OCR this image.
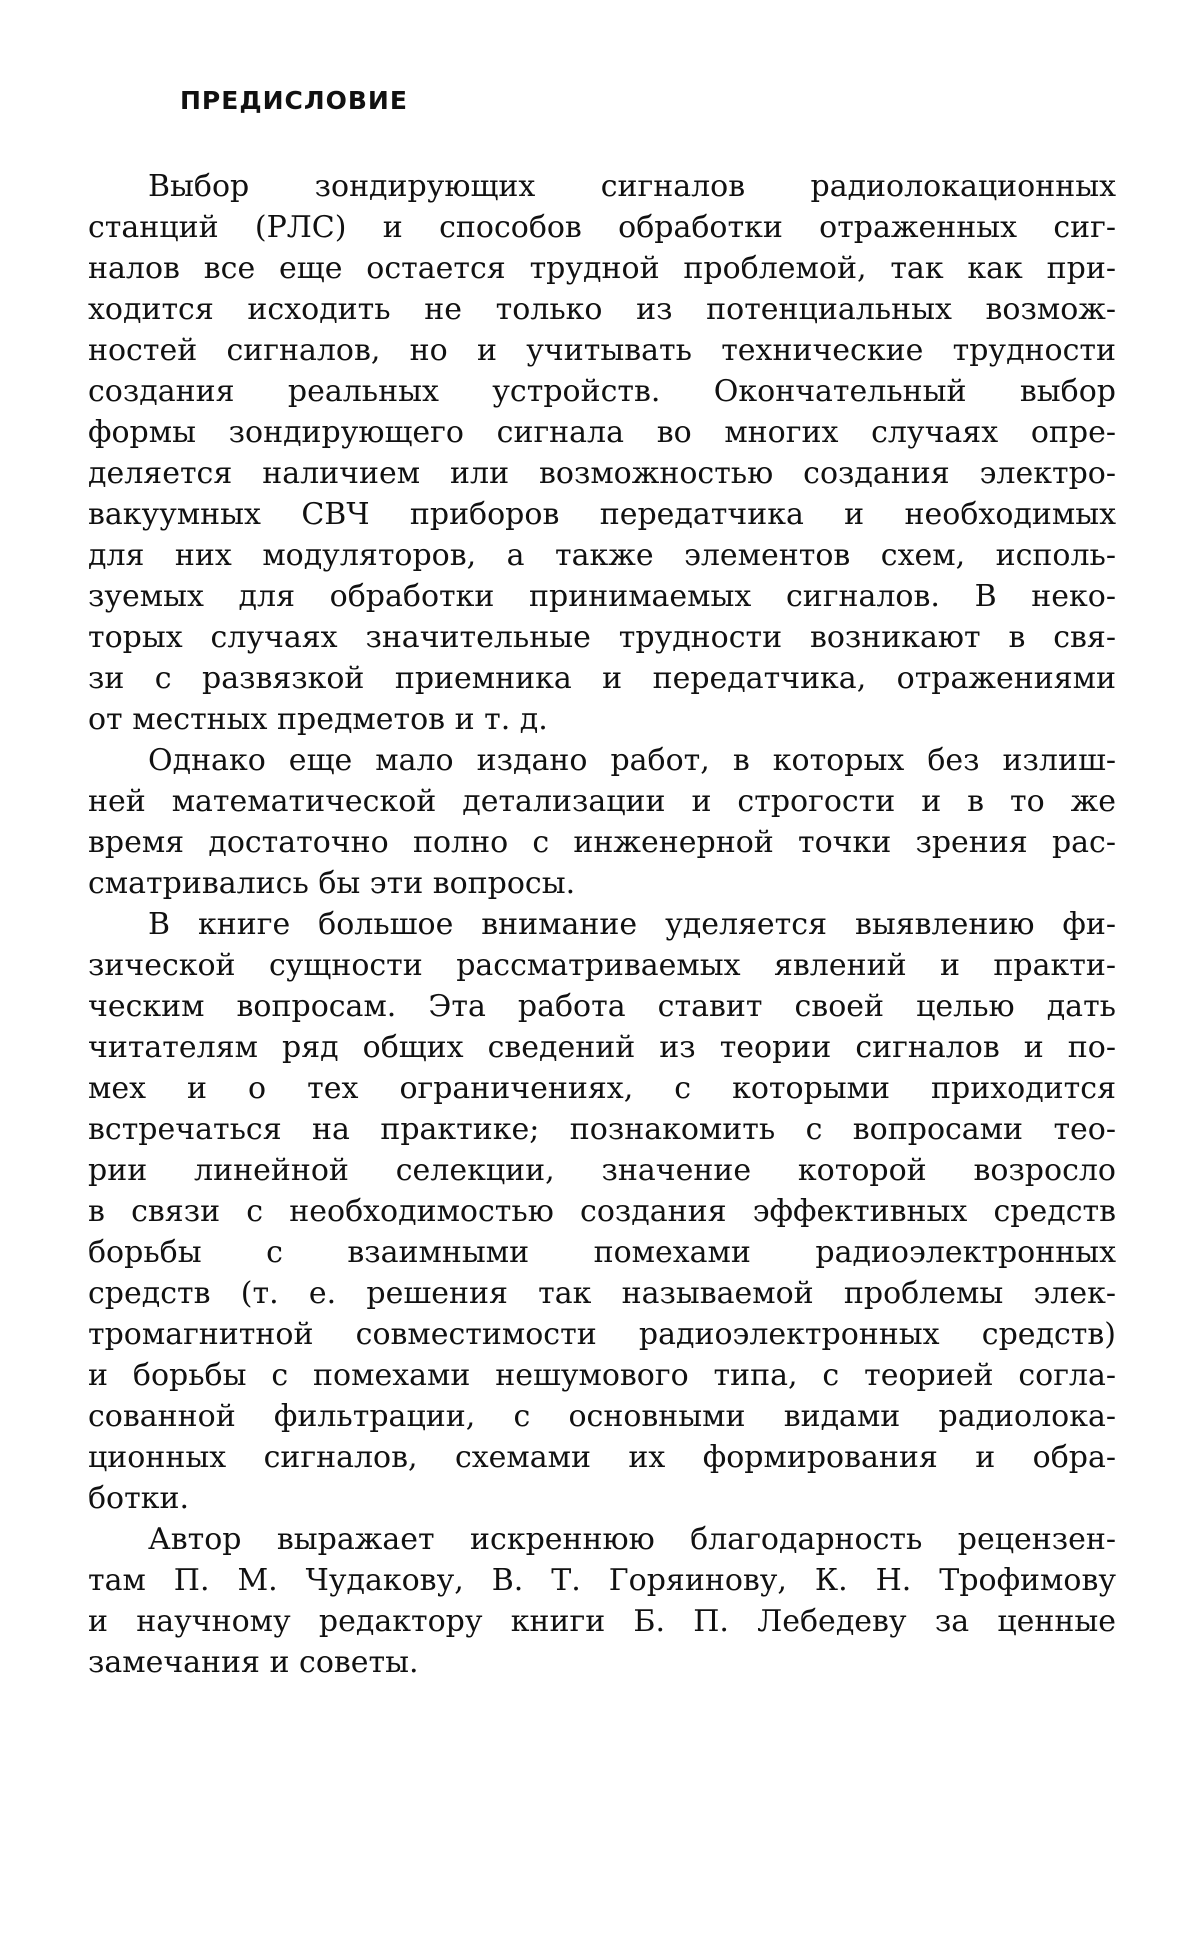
ПРЕДИСЛОВИЕ
Выбор зондирующих сигналов радиолокационных
станций (РЛС) и способов обработки отраженных сиг-
налов все еще остается трудной проблемой, так как при-
ходится исходить не только из потенциальных возмож-
ностей сигналов, но и учитывать технические трудности
создания реальных устройств. Окончательный выбор
формы зондирующего сигнала во многих случаях опре-
деляется наличием или возможностью создания электро-
вакуумных СВЧ приборов передатчика и необходимых
для них модуляторов, а также элементов схем, исполь-
зуемых для обработки принимаемых сигналов. В неко-
торых случаях значительные трудности возникают в свя-
зи с развязкой приемника и передатчика, отражениями
от местных предметов и т. д.
Однако еще мало издано работ, в которых без излиш-
ней математической детализации и строгости и в то же
время достаточно полно с инженерной точки зрения рас-
сматривались бы эти вопросы.
В книге большое внимание уделяется выявлению фи-
зической сущности рассматриваемых явлений и практи-
ческим вопросам. Эта работа ставит своей целью дать
читателям ряд общих сведений из теории сигналов и по-
мех и о тех ограничениях, с которыми приходится
встречаться на практике; познакомить с вопросами тео-
рии линейной селекции, значение которой возросло
в связи с необходимостью создания эффективных средств
борьбы с взаимными помехами радиоэлектронных
средств (т. е. решения так называемой проблемы элек-
тромагнитной совместимости радиоэлектронных средств)
и борьбы с помехами нешумового типа, с теорией согла-
сованной фильтрации, с основными видами радиолока-
ционных сигналов, схемами их формирования и обра-
ботки.
Автор выражает искреннюю благодарность рецензен-
там П. М. Чудакову, В. Т. Горяинову, К. Н. Трофимову
и научному редактору книги Б. П. Лебедеву за ценные
замечания и советы.
